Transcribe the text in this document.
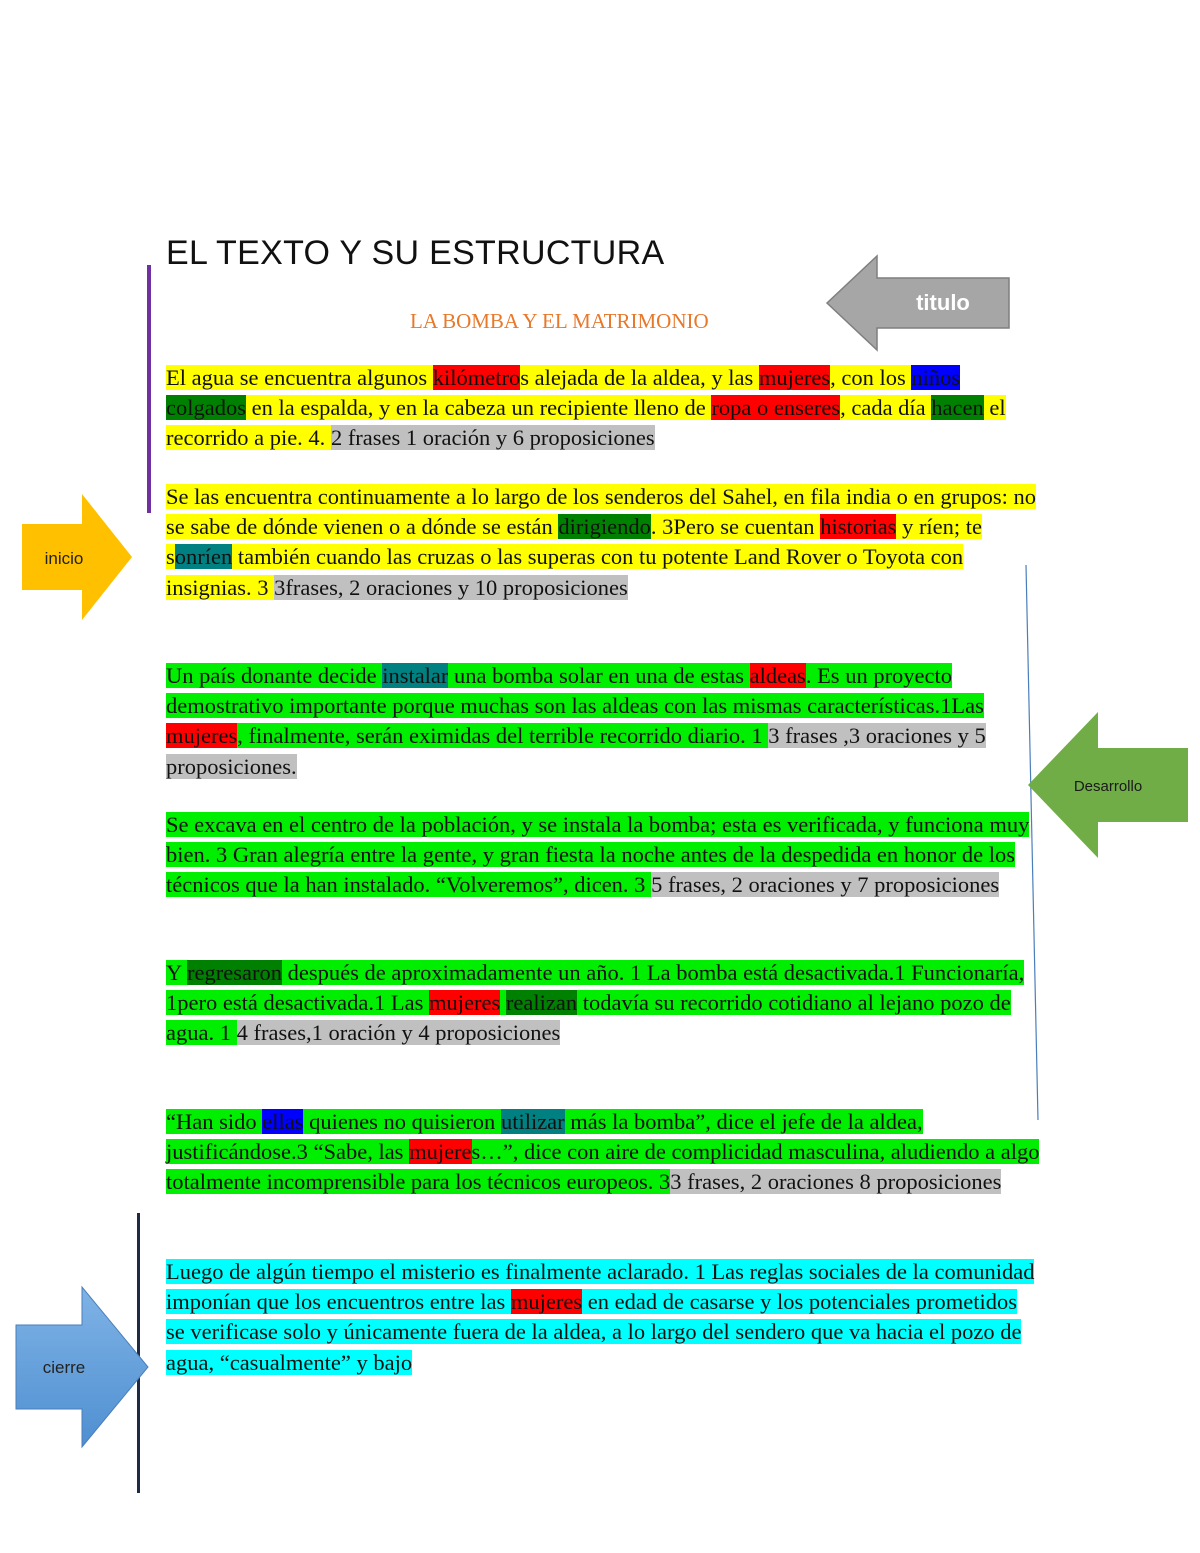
EL TEXTO Y SU ESTRUCTURA
LA BOMBA Y EL MATRIMONIO

El agua se encuentra algunos kilómetros alejada de la aldea, y las mujeres, con los niños colgados en la espalda, y en la cabeza un recipiente lleno de ropa o enseres, cada día hacen el recorrido a pie. 4. 2 frases 1 oración y 6 proposiciones

Se las encuentra continuamente a lo largo de los senderos del Sahel, en fila india o en grupos: no se sabe de dónde vienen o a dónde se están dirigiendo. 3Pero se cuentan historias y ríen; te sonríen también cuando las cruzas o las superas con tu potente Land Rover o Toyota con insignias. 3 3frases, 2 oraciones y 10 proposiciones

Un país donante decide instalar una bomba solar en una de estas aldeas. Es un proyecto demostrativo importante porque muchas son las aldeas con las mismas características.1Las mujeres, finalmente, serán eximidas del terrible recorrido diario. 1 3 frases ,3 oraciones y 5 proposiciones.

Se excava en el centro de la población, y se instala la bomba; esta es verificada, y funciona muy bien. 3 Gran alegría entre la gente, y gran fiesta la noche antes de la despedida en honor de los técnicos que la han instalado. “Volveremos”, dicen. 3 5 frases, 2 oraciones y 7 proposiciones

Y regresaron después de aproximadamente un año. 1 La bomba está desactivada.1 Funcionaría, 1pero está desactivada.1 Las mujeres realizan todavía su recorrido cotidiano al lejano pozo de agua. 1 4 frases,1 oración y 4 proposiciones

“Han sido ellas quienes no quisieron utilizar más la bomba”, dice el jefe de la aldea, justificándose.3 “Sabe, las mujeres…”, dice con aire de complicidad masculina, aludiendo a algo totalmente incomprensible para los técnicos europeos. 33 frases, 2 oraciones 8 proposiciones

Luego de algún tiempo el misterio es finalmente aclarado. 1 Las reglas sociales de la comunidad imponían que los encuentros entre las mujeres en edad de casarse y los potenciales prometidos se verificase solo y únicamente fuera de la aldea, a lo largo del sendero que va hacia el pozo de agua, “casualmente” y bajo

titulo
inicio
Desarrollo
cierre
